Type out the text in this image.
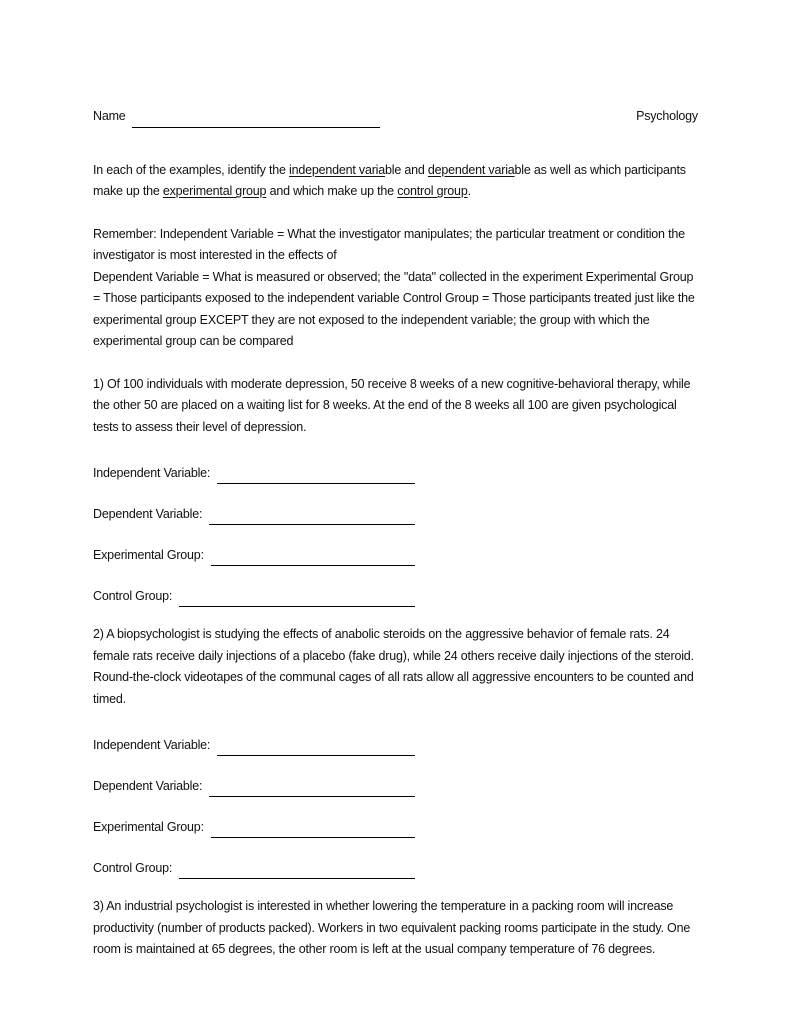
Name	Psychology

In each of the examples, identify the independent variable and dependent variable as well as which participants make up the experimental group and which make up the control group.

Remember: Independent Variable = What the investigator manipulates; the particular treatment or condition the investigator is most interested in the effects of
Dependent Variable = What is measured or observed; the "data" collected in the experiment Experimental Group = Those participants exposed to the independent variable Control Group = Those participants treated just like the experimental group EXCEPT they are not exposed to the independent variable; the group with which the experimental group can be compared

1) Of 100 individuals with moderate depression, 50 receive 8 weeks of a new cognitive-behavioral therapy, while the other 50 are placed on a waiting list for 8 weeks. At the end of the 8 weeks all 100 are given psychological tests to assess their level of depression.

Independent Variable:
Dependent Variable:
Experimental Group:
Control Group:

2) A biopsychologist is studying the effects of anabolic steroids on the aggressive behavior of female rats. 24 female rats receive daily injections of a placebo (fake drug), while 24 others receive daily injections of the steroid. Round-the-clock videotapes of the communal cages of all rats allow all aggressive encounters to be counted and timed.

Independent Variable:
Dependent Variable:
Experimental Group:
Control Group:

3) An industrial psychologist is interested in whether lowering the temperature in a packing room will increase productivity (number of products packed). Workers in two equivalent packing rooms participate in the study. One room is maintained at 65 degrees, the other room is left at the usual company temperature of 76 degrees.
